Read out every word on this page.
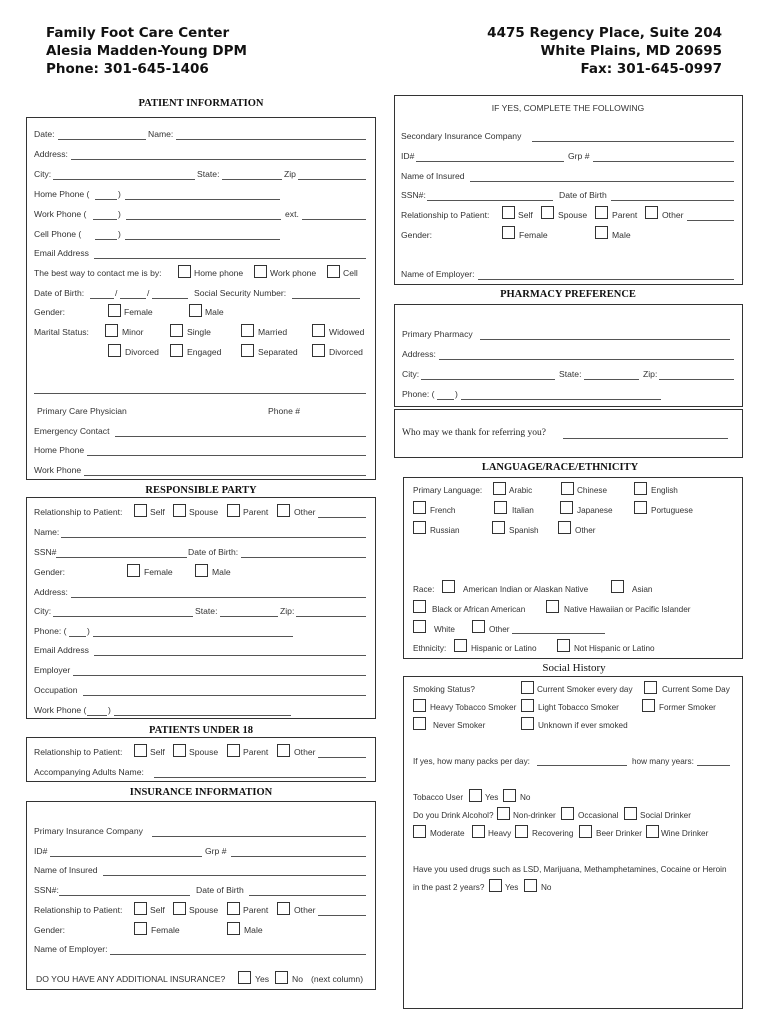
Family Foot Care Center
Alesia Madden-Young DPM
Phone: 301-645-1406
4475 Regency Place, Suite 204
White Plains, MD 20695
Fax: 301-645-0997
PATIENT INFORMATION
Date:	Name:
Address:
City:	State:	Zip
Home Phone (	)
Work Phone (	)	ext.
Cell Phone (	)
Email Address
The best way to contact me is by:	Home phone	Work phone	Cell
Date of Birth:	/	/	Social Security Number:
Gender:	Female	Male
Marital Status:	Minor	Single	Married	Widowed
Divorced	Engaged	Separated	Divorced
Primary Care Physician	Phone #
Emergency Contact
Home Phone
Work Phone
RESPONSIBLE PARTY
Relationship to Patient:	Self	Spouse	Parent	Other
Name:
SSN#	Date of Birth:
Gender:	Female	Male
Address:
City:	State:	Zip:
Phone: ( )
Email Address
Employer
Occupation
Work Phone (	)
PATIENTS UNDER 18
Relationship to Patient:	Self	Spouse	Parent	Other
Accompanying Adults Name:
INSURANCE INFORMATION
Primary Insurance Company
ID#	Grp #
Name of Insured
SSN#:	Date of Birth
Relationship to Patient:	Self	Spouse	Parent	Other
Gender:	Female	Male
Name of Employer:
DO YOU HAVE ANY ADDITIONAL INSURANCE?	Yes	No (next column)
IF YES, COMPLETE THE FOLLOWING
Secondary Insurance Company
ID#	Grp #
Name of Insured
SSN#:	Date of Birth
Relationship to Patient:	Self	Spouse	Parent	Other
Gender:	Female	Male
Name of Employer:
PHARMACY PREFERENCE
Primary Pharmacy
Address:
City:	State:	Zip:
Phone: ( )
Who may we thank for referring you?
LANGUAGE/RACE/ETHNICITY
Primary Language:	Arabic	Chinese	English
French	Italian	Japanese	Portuguese
Russian	Spanish	Other
Race:	American Indian or Alaskan Native	Asian
Black or African American	Native Hawaiian or Pacific Islander
White	Other
Ethnicity:	Hispanic or Latino	Not Hispanic or Latino
Social History
Smoking Status?	Current Smoker every day	Current Some Day
Heavy Tobacco Smoker	Light Tobacco Smoker	Former Smoker
Never Smoker	Unknown if ever smoked
If yes, how many packs per day:	how many years:
Tobacco User	Yes	No
Do you Drink Alcohol? Non-drinker	Occasional	Social Drinker
Moderate	Heavy	Recovering	Beer Drinker Wine Drinker
Have you used drugs such as LSD, Marijuana, Methamphetamines, Cocaine or Heroin
in the past 2 years?	Yes	No
